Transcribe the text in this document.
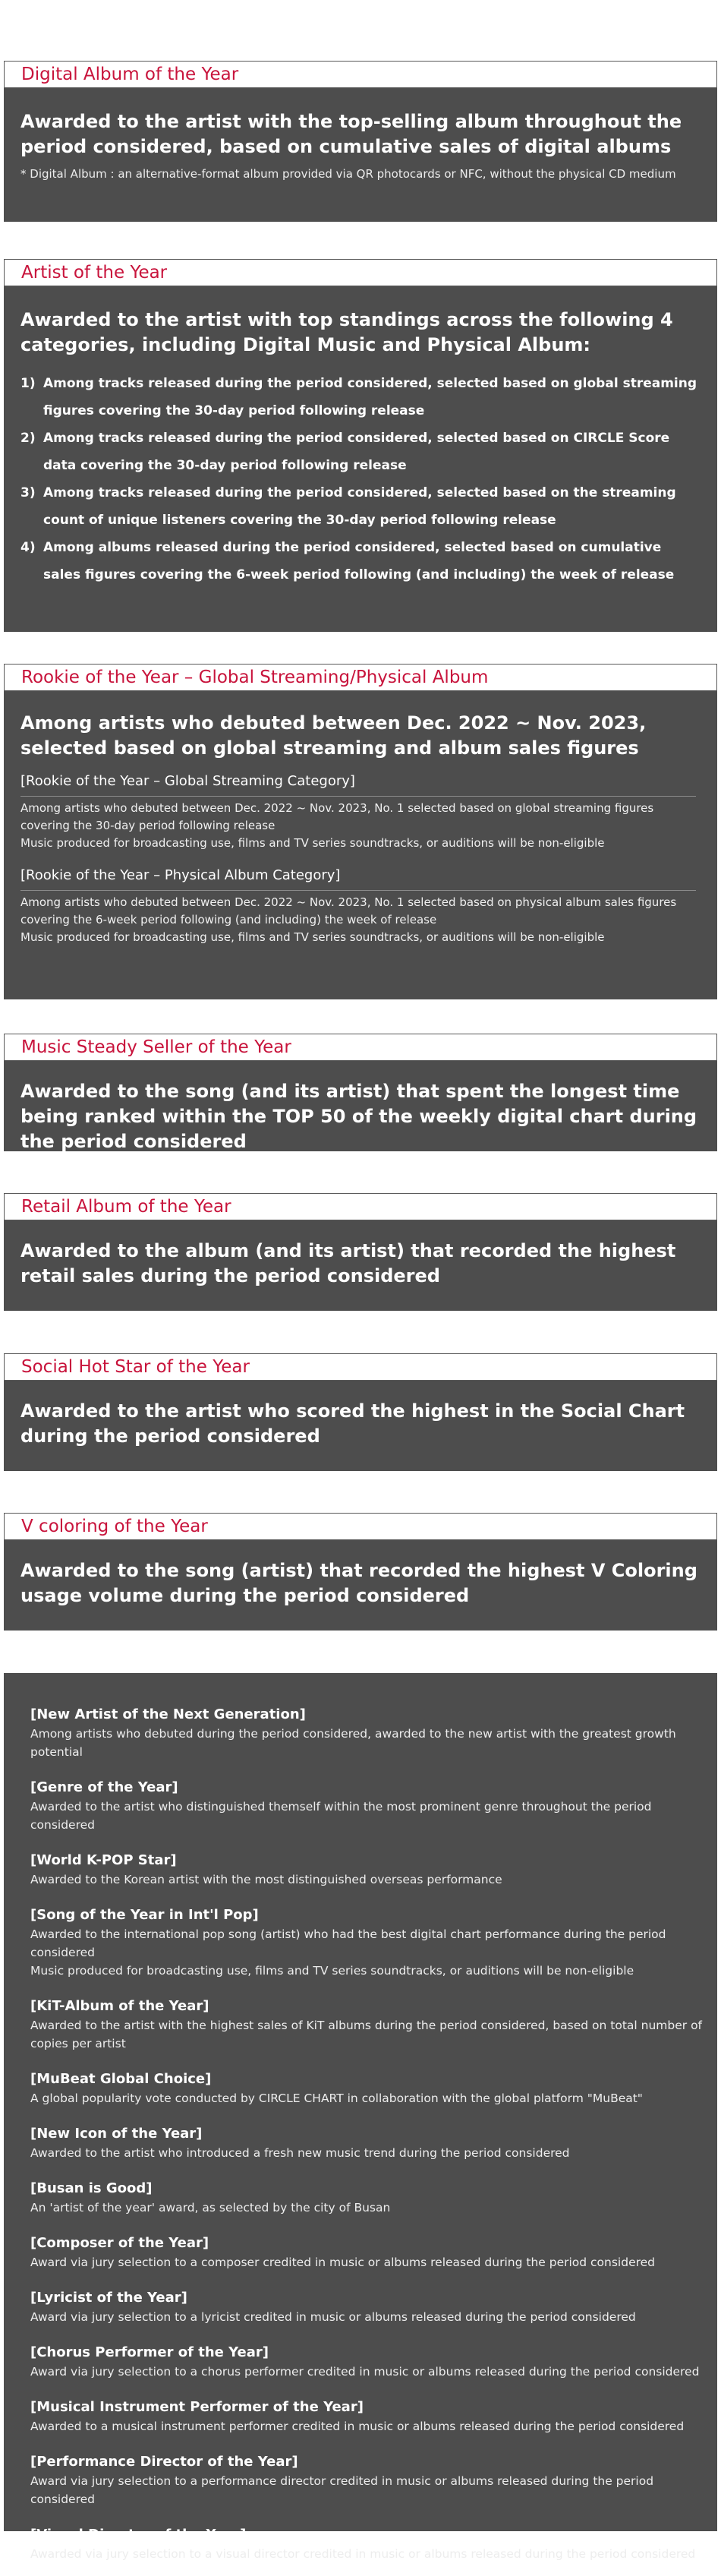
Digital Album of the Year
Awarded to the artist with the top-selling album throughout the period considered, based on cumulative sales of digital albums
* Digital Album : an alternative-format album provided via QR photocards or NFC, without the physical CD medium
Artist of the Year
Awarded to the artist with top standings across the following 4 categories, including Digital Music and Physical Album:
1) Among tracks released during the period considered, selected based on global streaming figures covering the 30-day period following release
2) Among tracks released during the period considered, selected based on CIRCLE Score data covering the 30-day period following release
3) Among tracks released during the period considered, selected based on the streaming count of unique listeners covering the 30-day period following release
4) Among albums released during the period considered, selected based on cumulative sales figures covering the 6-week period following (and including) the week of release
Rookie of the Year – Global Streaming/Physical Album
Among artists who debuted between Dec. 2022 ~ Nov. 2023, selected based on global streaming and album sales figures
[Rookie of the Year – Global Streaming Category]
Among artists who debuted between Dec. 2022 ~ Nov. 2023, No. 1 selected based on global streaming figures covering the 30-day period following release
Music produced for broadcasting use, films and TV series soundtracks, or auditions will be non-eligible
[Rookie of the Year – Physical Album Category]
Among artists who debuted between Dec. 2022 ~ Nov. 2023, No. 1 selected based on physical album sales figures covering the 6-week period following (and including) the week of release
Music produced for broadcasting use, films and TV series soundtracks, or auditions will be non-eligible
Music Steady Seller of the Year
Awarded to the song (and its artist) that spent the longest time being ranked within the TOP 50 of the weekly digital chart during the period considered
Retail Album of the Year
Awarded to the album (and its artist) that recorded the highest retail sales during the period considered
Social Hot Star of the Year
Awarded to the artist who scored the highest in the Social Chart during the period considered
V coloring of the Year
Awarded to the song (artist) that recorded the highest V Coloring usage volume during the period considered
[New Artist of the Next Generation]
Among artists who debuted during the period considered, awarded to the new artist with the greatest growth potential
[Genre of the Year]
Awarded to the artist who distinguished themself within the most prominent genre throughout the period considered
[World K-POP Star]
Awarded to the Korean artist with the most distinguished overseas performance
[Song of the Year in Int'l Pop]
Awarded to the international pop song (artist) who had the best digital chart performance during the period considered
Music produced for broadcasting use, films and TV series soundtracks, or auditions will be non-eligible
[KiT-Album of the Year]
Awarded to the artist with the highest sales of KiT albums during the period considered, based on total number of copies per artist
[MuBeat Global Choice]
A global popularity vote conducted by CIRCLE CHART in collaboration with the global platform "MuBeat"
[New Icon of the Year]
Awarded to the artist who introduced a fresh new music trend during the period considered
[Busan is Good]
An 'artist of the year' award, as selected by the city of Busan
[Composer of the Year]
Award via jury selection to a composer credited in music or albums released during the period considered
[Lyricist of the Year]
Award via jury selection to a lyricist credited in music or albums released during the period considered
[Chorus Performer of the Year]
Award via jury selection to a chorus performer credited in music or albums released during the period considered
[Musical Instrument Performer of the Year]
Awarded to a musical instrument performer credited in music or albums released during the period considered
[Performance Director of the Year]
Award via jury selection to a performance director credited in music or albums released during the period considered
[Visual Director of the Year]
Awarded via jury selection to a visual director credited in music or albums released during the period considered
